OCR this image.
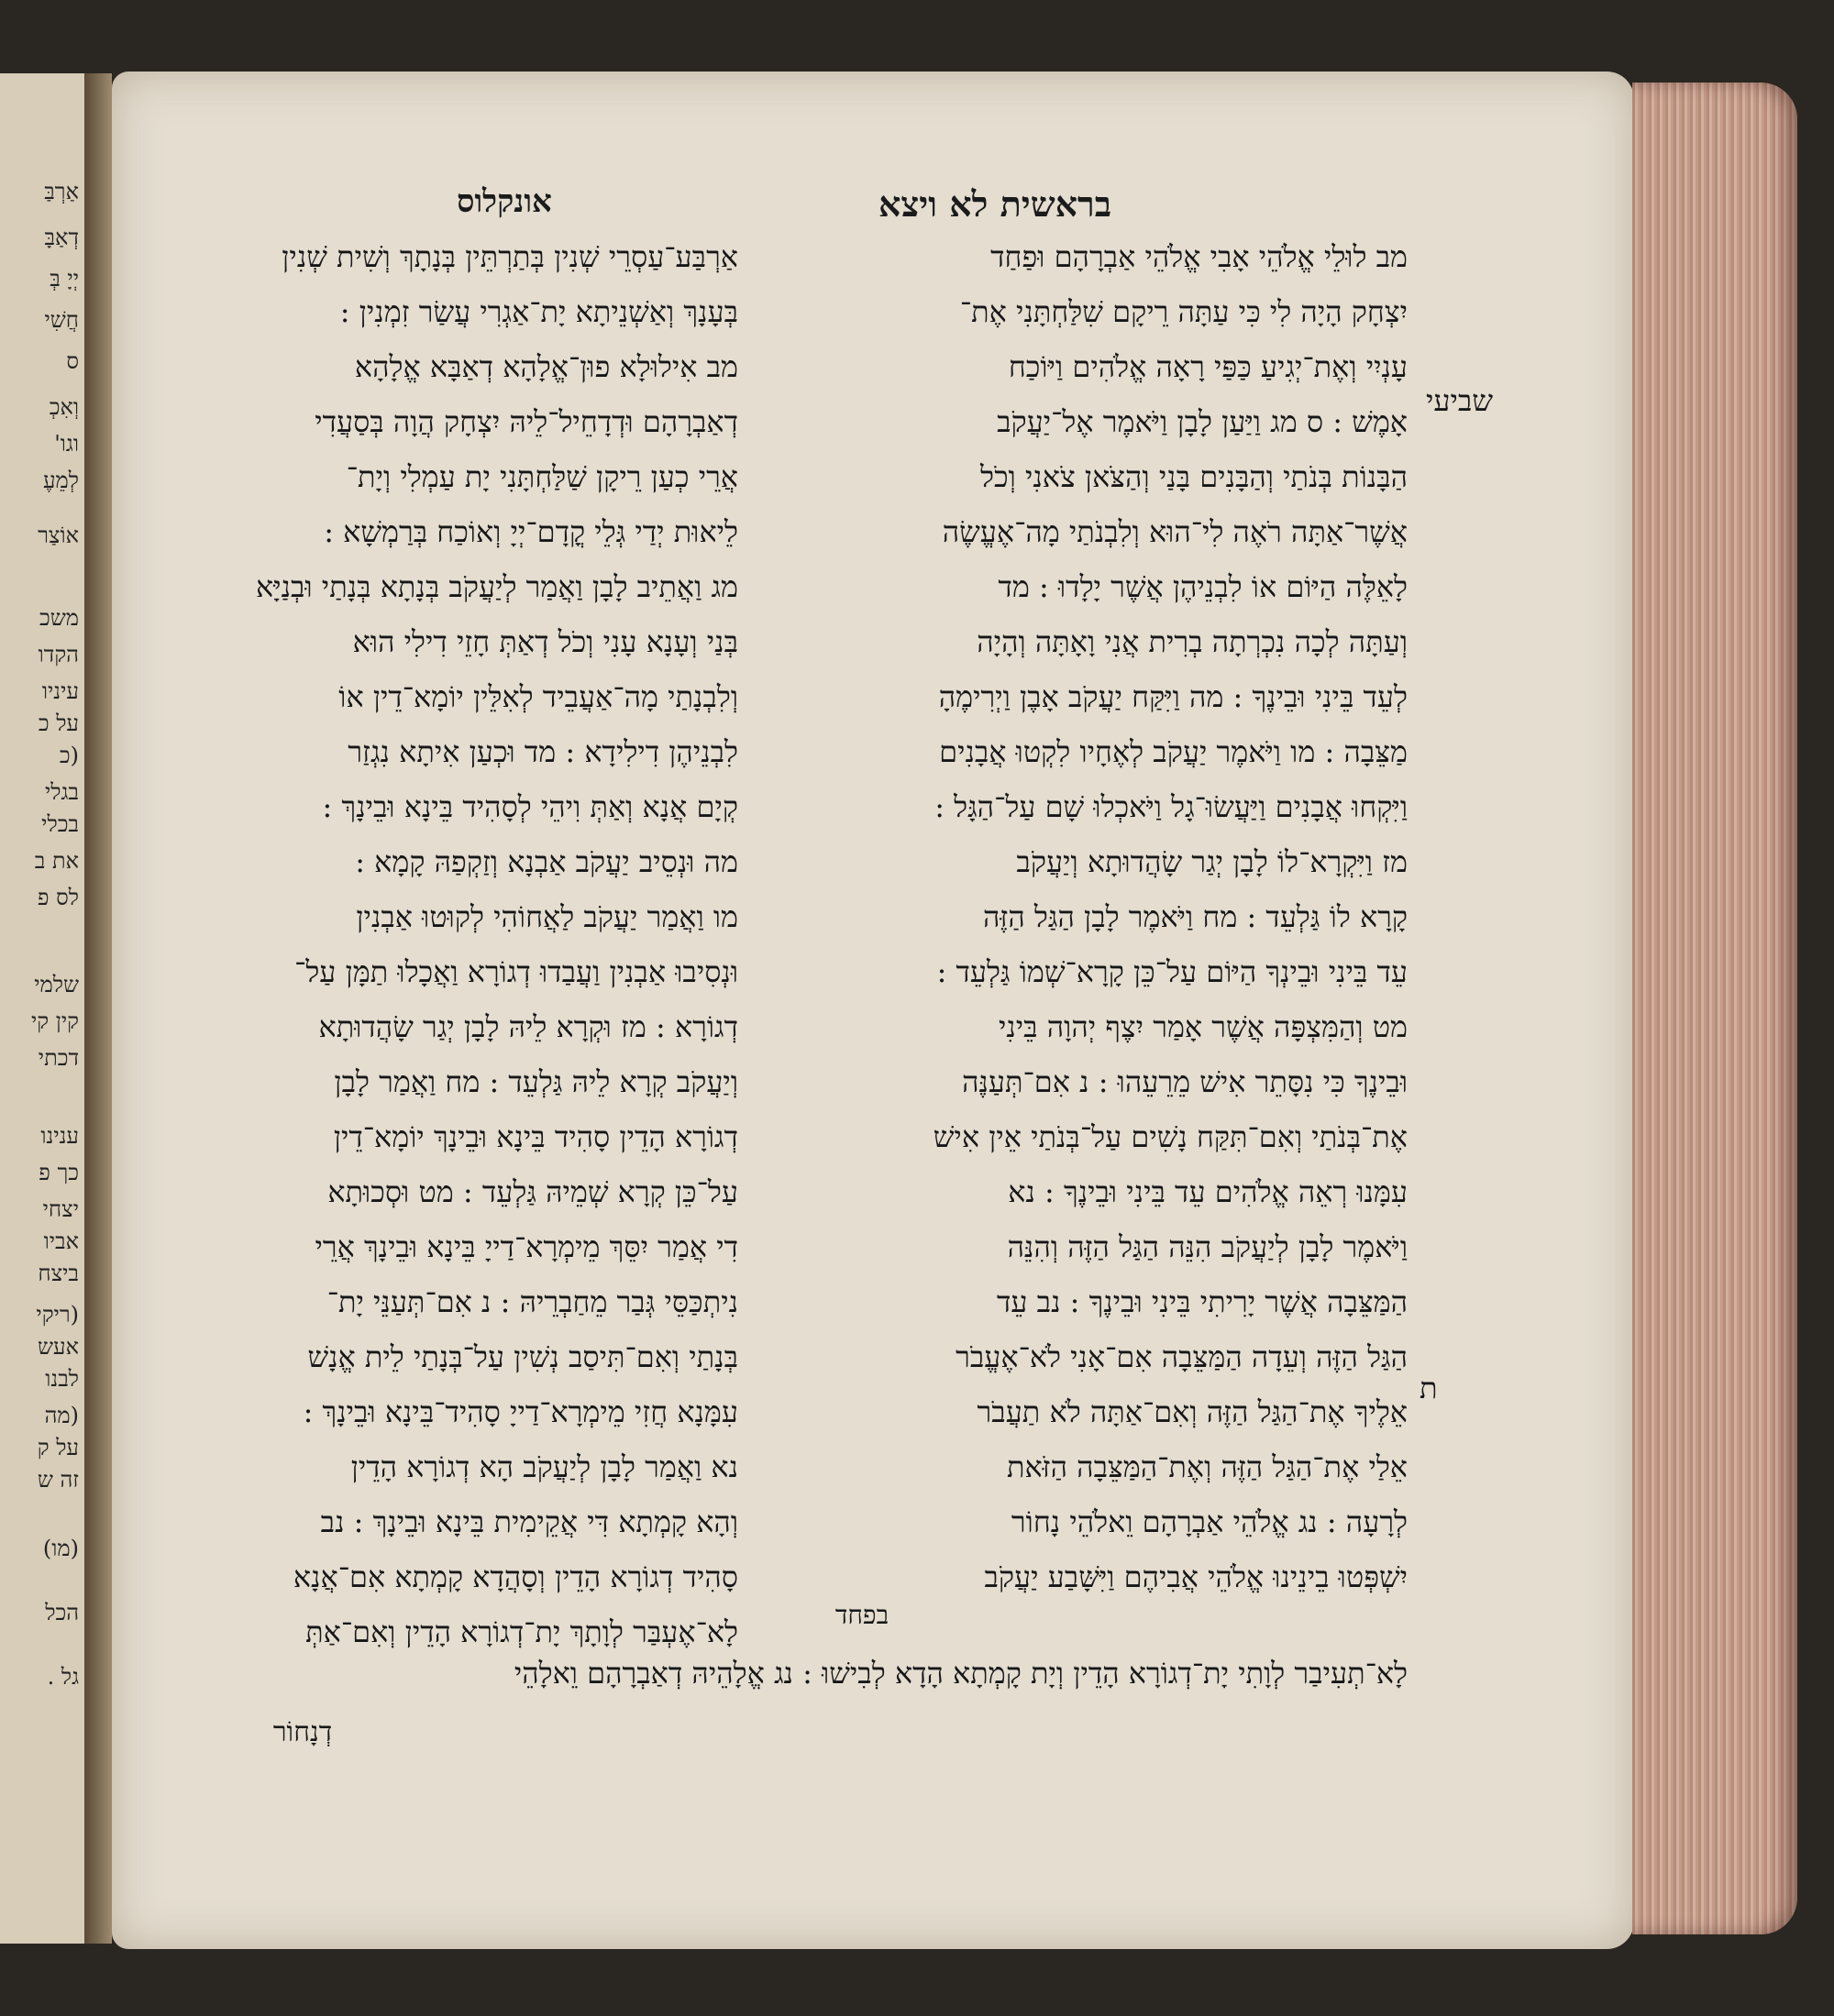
אַרְבַּ
דְאַבָּ
יְיָ בְּ
חֲשִׁי
ס
וְאִכְ
וגו'
לְמֵעֶ
אוֹצַר
משכ
הקדו
עיניו
על כ
(כ
בגלי
בכלי
את ב
לס פ
שלמי
קין קי
דכתי
ענינו
כך פ
יצחי
אביו
ביצח
(ריקי
אעש
לבנו
(מה
על ק
זה ש
(מו)
הכל
גל .
בראשית לא ויצא
אונקלוס
שביעי
ת
מב לוּלֵי אֱלֹהֵי אָבִי אֱלֹהֵי אַבְרָהָם וּפַחַד
יִצְחָק הָיָה לִי כִּי עַתָּה רֵיקָם שִׁלַּחְתָּנִי אֶת־
עָנְיִי וְאֶת־יְגִיעַ כַּפַּי רָאָה אֱלֹהִים וַיּוֹכַח
אָמֶשׁ : ס מג וַיַּעַן לָבָן וַיֹּאמֶר אֶל־יַעֲקֹב
הַבָּנוֹת בְּנֹתַי וְהַבָּנִים בָּנַי וְהַצֹּאן צֹאנִי וְכֹל
אֲשֶׁר־אַתָּה רֹאֶה לִי־הוּא וְלִבְנֹתַי מָה־אֶעֱשֶׂה
לָאֵלֶּה הַיּוֹם אוֹ לִבְנֵיהֶן אֲשֶׁר יָלָדוּ : מד
וְעַתָּה לְכָה נִכְרְתָה בְרִית אֲנִי וָאָתָּה וְהָיָה
לְעֵד בֵּינִי וּבֵינֶךָ : מה וַיִּקַּח יַעֲקֹב אָבֶן וַיְרִימֶהָ
מַצֵּבָה : מו וַיֹּאמֶר יַעֲקֹב לְאֶחָיו לִקְטוּ אֲבָנִים
וַיִּקְחוּ אֲבָנִים וַיַּעֲשׂוּ־גָל וַיֹּאכְלוּ שָׁם עַל־הַגָּל :
מז וַיִּקְרָא־לוֹ לָבָן יְגַר שָׂהֲדוּתָא וְיַעֲקֹב
קָרָא לוֹ גַּלְעֵד : מח וַיֹּאמֶר לָבָן הַגַּל הַזֶּה
עֵד בֵּינִי וּבֵינְךָ הַיּוֹם עַל־כֵּן קָרָא־שְׁמוֹ גַּלְעֵד :
מט וְהַמִּצְפָּה אֲשֶׁר אָמַר יִצֶף יְהוָה בֵּינִי
וּבֵינֶךָ כִּי נִסָּתֵר אִישׁ מֵרֵעֵהוּ : נ אִם־תְּעַנֶּה
אֶת־בְּנֹתַי וְאִם־תִּקַּח נָשִׁים עַל־בְּנֹתַי אֵין אִישׁ
עִמָּנוּ רְאֵה אֱלֹהִים עֵד בֵּינִי וּבֵינֶךָ : נא
וַיֹּאמֶר לָבָן לְיַעֲקֹב הִנֵּה הַגַּל הַזֶּה וְהִנֵּה
הַמַּצֵּבָה אֲשֶׁר יָרִיתִי בֵּינִי וּבֵינֶךָ : נב עֵד
הַגַּל הַזֶּה וְעֵדָה הַמַּצֵּבָה אִם־אָנִי לֹא־אֶעֱבֹר
אֵלֶיךָ אֶת־הַגַּל הַזֶּה וְאִם־אַתָּה לֹא תַעֲבֹר
אֵלַי אֶת־הַגַּל הַזֶּה וְאֶת־הַמַּצֵּבָה הַזֹּאת
לְרָעָה : נג אֱלֹהֵי אַבְרָהָם וֵאלֹהֵי נָחוֹר
יִשְׁפְּטוּ בֵינֵינוּ אֱלֹהֵי אֲבִיהֶם וַיִּשָּׁבַע יַעֲקֹב
בפחד
אַרְבַּע־עַסְרֵי שְׁנִין בְּתַרְתֵּין בְּנָתָךְ וְשִׁית שְׁנִין
בְּעָנָךְ וְאַשְׁנֵיתָא יָת־אַגְרִי עֲשַׂר זִמְנִין :
מב אִילוּלָא פוּן־אֱלָהָא דְאַבָּא אֱלָהָא
דְאַבְרָהָם וּדְדָחֵיל־לֵיהּ יִצְחָק הֲוָה בְּסַעֲדִי
אֲרֵי כְעַן רֵיקָן שַׁלַּחְתָּנִי יָת עַמְלִי וְיָת־
לֵיאוּת יְדַי גְּלֵי קֳדָם־יְיָ וְאוֹכַח בְּרַמְשָׁא :
מג וַאֲתֵיב לָבָן וַאֲמַר לְיַעֲקֹב בְּנָתָא בְּנָתַי וּבְנַיָּא
בְּנַי וְעָנָא עָנִי וְכֹל דְאַתְּ חָזֵי דִילִי הוּא
וְלִבְנָתַי מָה־אַעֲבֵיד לְאִלֵּין יוֹמָא־דֵין אוֹ
לִבְנֵיהֶן דִילִידָא : מד וּכְעַן אִיתָא נִגְזַר
קְיָם אֲנָא וְאַתְּ וִיהֵי לְסָהִיד בֵּינָא וּבֵינָךְ :
מה וּנְסֵיב יַעֲקֹב אַבְנָא וְזַקְפַהּ קָמָא :
מו וַאֲמַר יַעֲקֹב לַאֲחוֹהִי לְקוּטוּ אַבְנִין
וּנְסִיבוּ אַבְנִין וַעֲבַדוּ דְגוֹרָא וַאֲכָלוּ תַמָּן עַל־
דְגוֹרָא : מז וּקְרָא לֵיהּ לָבָן יְגַר שָׂהֲדוּתָא
וְיַעֲקֹב קְרָא לֵיהּ גַּלְעֵד : מח וַאֲמַר לָבָן
דְגוֹרָא הָדֵין סָהִיד בֵּינָא וּבֵינָךְ יוֹמָא־דֵין
עַל־כֵּן קְרָא שְׁמֵיהּ גַּלְעֵד : מט וּסְכוּתָא
דִי אֲמַר יִסֵּךְ מֵימְרָא־דַייָ בֵּינָא וּבֵינָךְ אֲרֵי
נִיתְכַּסֵּי גְּבַר מֵחַבְרֵיהּ : נ אִם־תְּעַנֵּי יָת־
בְּנָתַי וְאִם־תִּיסַב נְשִׁין עַל־בְּנָתַי לֵית אֱנָשׁ
עִמָּנָא חֲזִי מֵימְרָא־דַייָ סָהִיד־בֵּינָא וּבֵינָךְ :
נא וַאֲמַר לָבָן לְיַעֲקֹב הָא דְגוֹרָא הָדֵין
וְהָא קָמְתָא דִּי אֲקֵימִית בֵּינָא וּבֵינָךְ : נב
סָהִיד דְגוֹרָא הָדֵין וְסָהֲדָא קָמְתָא אִם־אֲנָא
לָא־אֶעְבַּר לְוָתָךְ יָת־דְגוֹרָא הָדֵין וְאִם־אַתְּ
לָא־תְעִיבַר לְוָתִי יָת־דְגוֹרָא הָדֵין וְיָת קָמְתָא הָדָא לְבִישׁוּ : נג אֱלָהֵיהּ דְאַבְרָהָם וֵאלָהֵי
דְנָחוֹר
